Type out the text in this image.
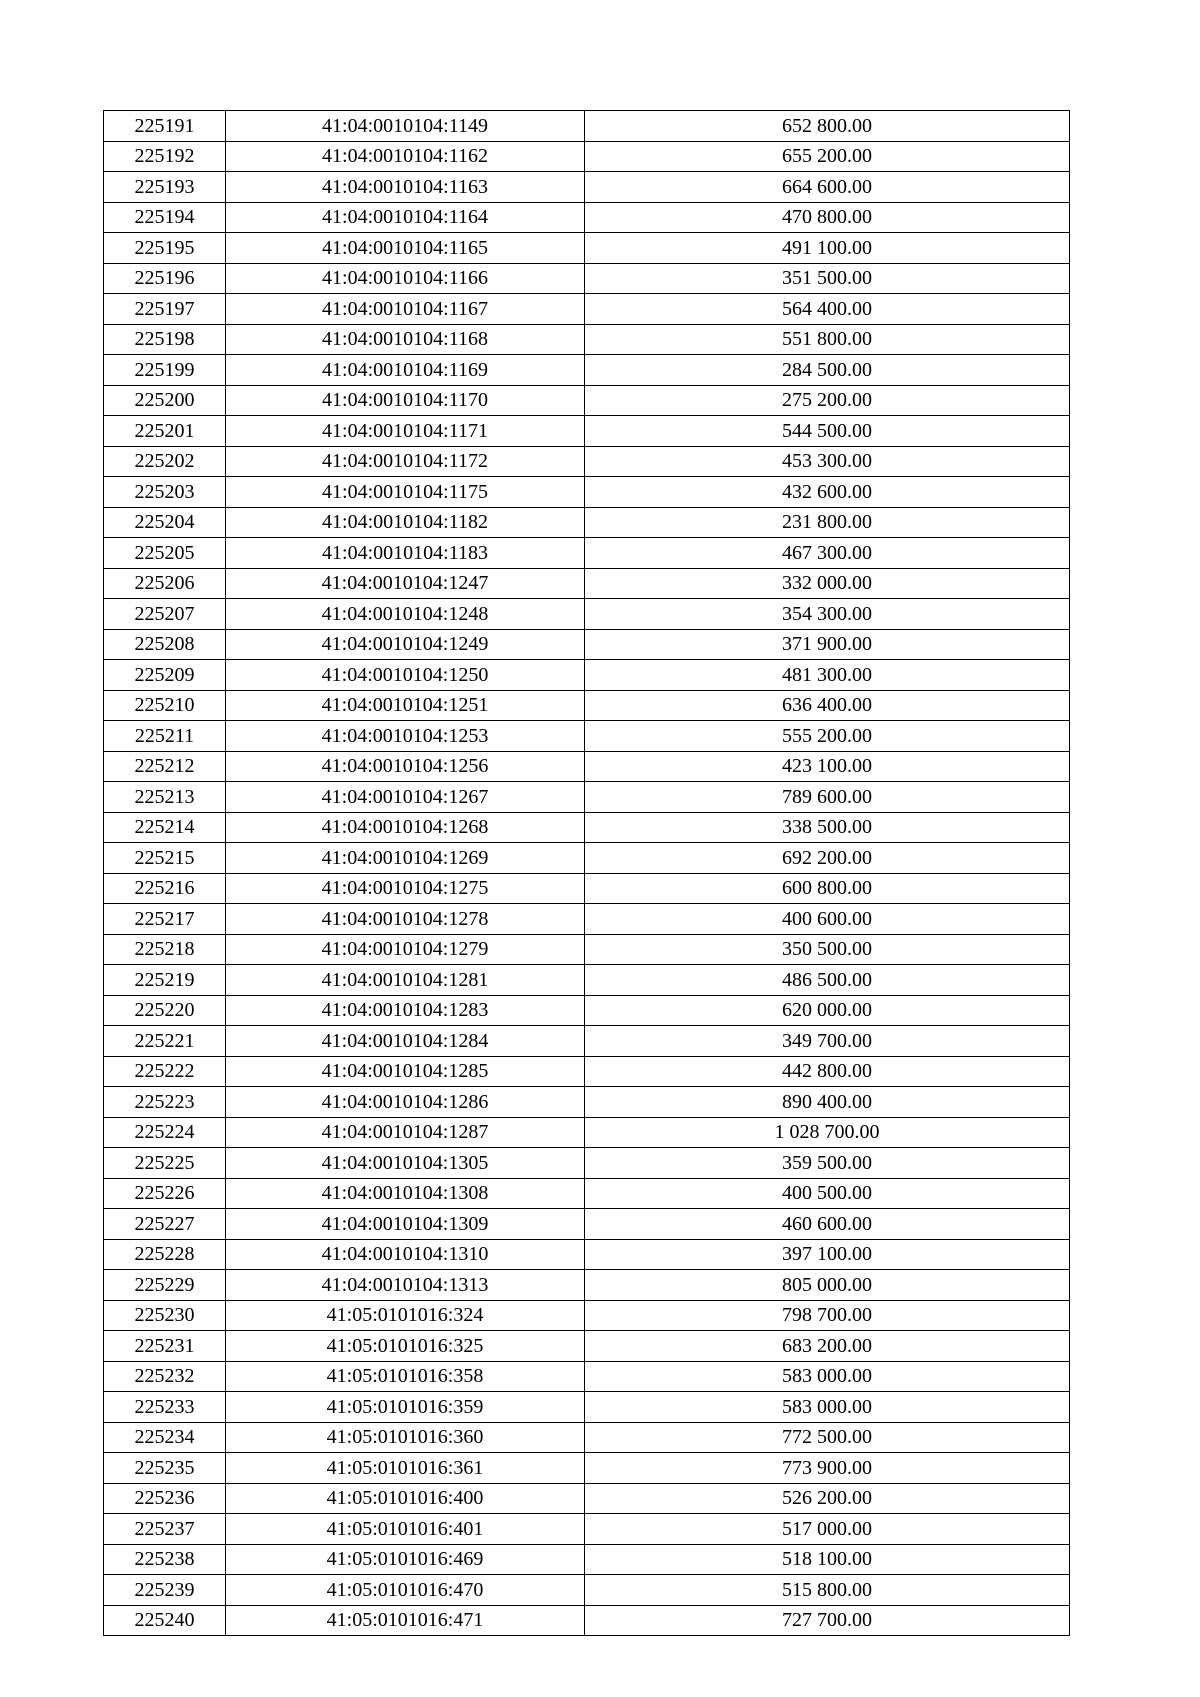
225191	41:04:0010104:1149	652 800.00
225192	41:04:0010104:1162	655 200.00
225193	41:04:0010104:1163	664 600.00
225194	41:04:0010104:1164	470 800.00
225195	41:04:0010104:1165	491 100.00
225196	41:04:0010104:1166	351 500.00
225197	41:04:0010104:1167	564 400.00
225198	41:04:0010104:1168	551 800.00
225199	41:04:0010104:1169	284 500.00
225200	41:04:0010104:1170	275 200.00
225201	41:04:0010104:1171	544 500.00
225202	41:04:0010104:1172	453 300.00
225203	41:04:0010104:1175	432 600.00
225204	41:04:0010104:1182	231 800.00
225205	41:04:0010104:1183	467 300.00
225206	41:04:0010104:1247	332 000.00
225207	41:04:0010104:1248	354 300.00
225208	41:04:0010104:1249	371 900.00
225209	41:04:0010104:1250	481 300.00
225210	41:04:0010104:1251	636 400.00
225211	41:04:0010104:1253	555 200.00
225212	41:04:0010104:1256	423 100.00
225213	41:04:0010104:1267	789 600.00
225214	41:04:0010104:1268	338 500.00
225215	41:04:0010104:1269	692 200.00
225216	41:04:0010104:1275	600 800.00
225217	41:04:0010104:1278	400 600.00
225218	41:04:0010104:1279	350 500.00
225219	41:04:0010104:1281	486 500.00
225220	41:04:0010104:1283	620 000.00
225221	41:04:0010104:1284	349 700.00
225222	41:04:0010104:1285	442 800.00
225223	41:04:0010104:1286	890 400.00
225224	41:04:0010104:1287	1 028 700.00
225225	41:04:0010104:1305	359 500.00
225226	41:04:0010104:1308	400 500.00
225227	41:04:0010104:1309	460 600.00
225228	41:04:0010104:1310	397 100.00
225229	41:04:0010104:1313	805 000.00
225230	41:05:0101016:324	798 700.00
225231	41:05:0101016:325	683 200.00
225232	41:05:0101016:358	583 000.00
225233	41:05:0101016:359	583 000.00
225234	41:05:0101016:360	772 500.00
225235	41:05:0101016:361	773 900.00
225236	41:05:0101016:400	526 200.00
225237	41:05:0101016:401	517 000.00
225238	41:05:0101016:469	518 100.00
225239	41:05:0101016:470	515 800.00
225240	41:05:0101016:471	727 700.00
